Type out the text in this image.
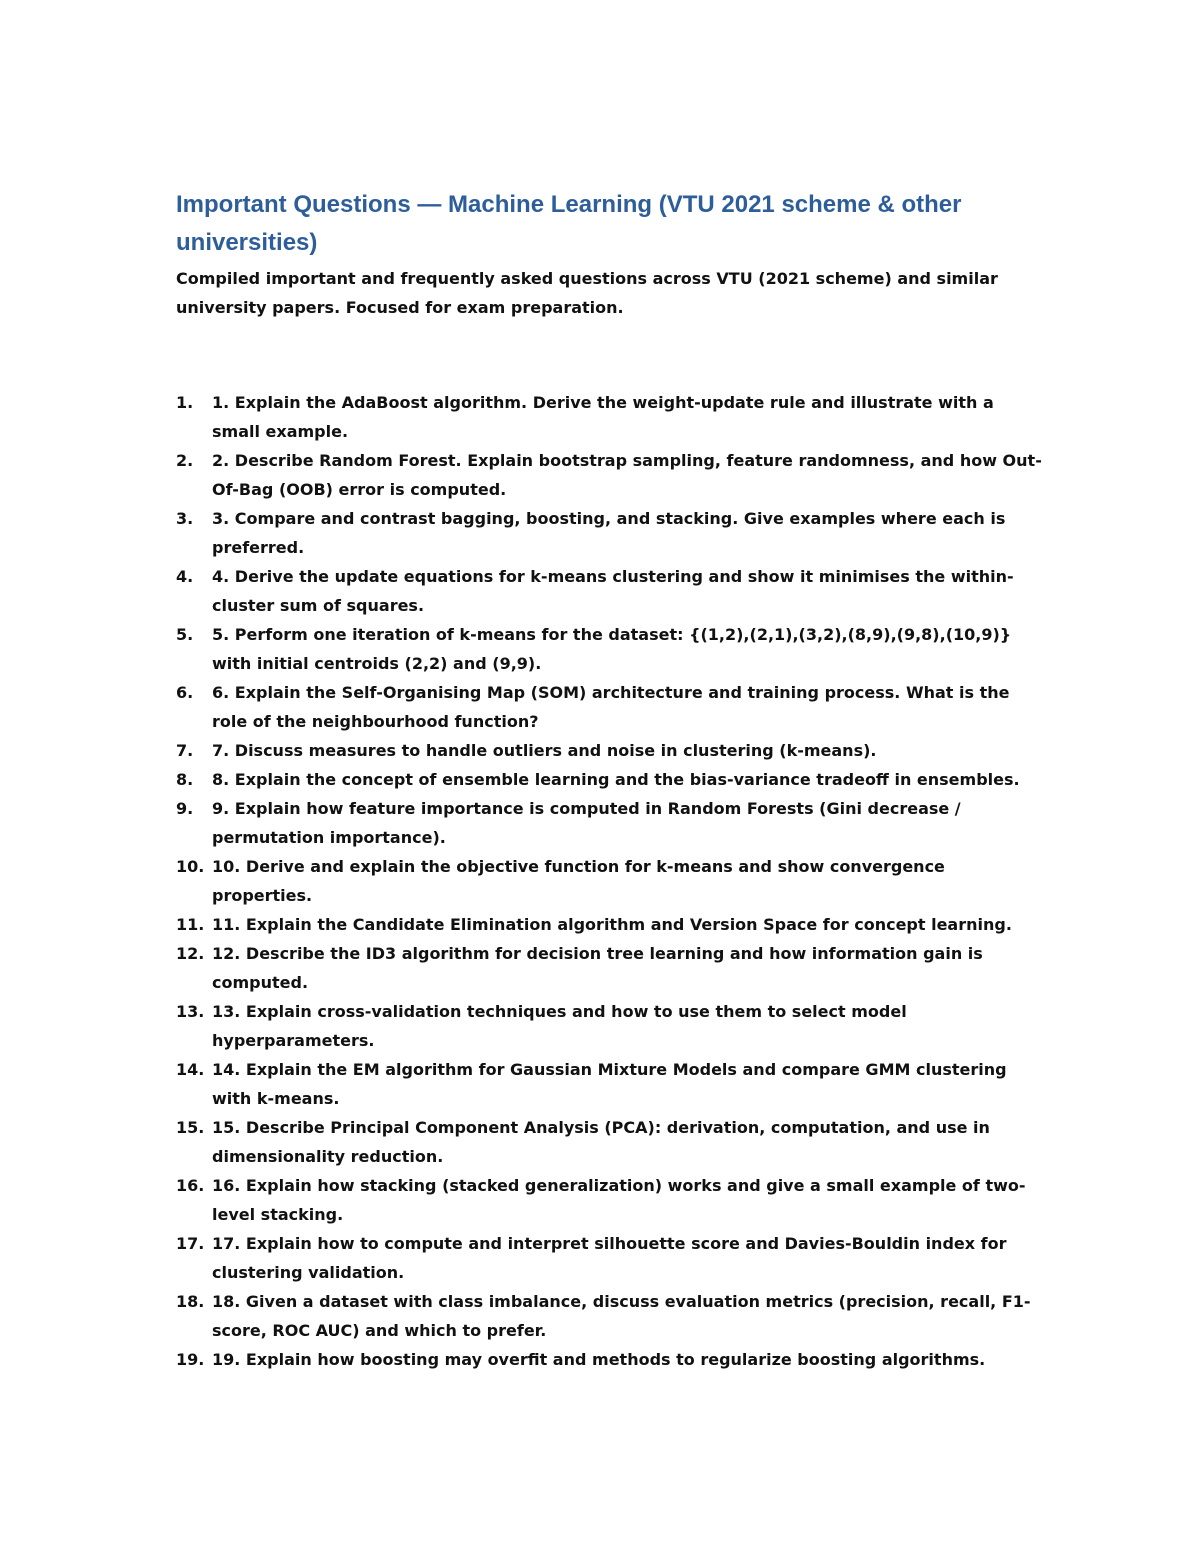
Important Questions — Machine Learning (VTU 2021 scheme & other universities)

Compiled important and frequently asked questions across VTU (2021 scheme) and similar university papers. Focused for exam preparation.

1.	1. Explain the AdaBoost algorithm. Derive the weight-update rule and illustrate with a small example.
2.	2. Describe Random Forest. Explain bootstrap sampling, feature randomness, and how Out-Of-Bag (OOB) error is computed.
3.	3. Compare and contrast bagging, boosting, and stacking. Give examples where each is preferred.
4.	4. Derive the update equations for k-means clustering and show it minimises the within-cluster sum of squares.
5.	5. Perform one iteration of k-means for the dataset: {(1,2),(2,1),(3,2),(8,9),(9,8),(10,9)} with initial centroids (2,2) and (9,9).
6.	6. Explain the Self-Organising Map (SOM) architecture and training process. What is the role of the neighbourhood function?
7.	7. Discuss measures to handle outliers and noise in clustering (k-means).
8.	8. Explain the concept of ensemble learning and the bias-variance tradeoff in ensembles.
9.	9. Explain how feature importance is computed in Random Forests (Gini decrease / permutation importance).
10. 10. Derive and explain the objective function for k-means and show convergence properties.
11. 11. Explain the Candidate Elimination algorithm and Version Space for concept learning.
12. 12. Describe the ID3 algorithm for decision tree learning and how information gain is computed.
13. 13. Explain cross-validation techniques and how to use them to select model hyperparameters.
14. 14. Explain the EM algorithm for Gaussian Mixture Models and compare GMM clustering with k-means.
15. 15. Describe Principal Component Analysis (PCA): derivation, computation, and use in dimensionality reduction.
16. 16. Explain how stacking (stacked generalization) works and give a small example of two-level stacking.
17. 17. Explain how to compute and interpret silhouette score and Davies-Bouldin index for clustering validation.
18. 18. Given a dataset with class imbalance, discuss evaluation metrics (precision, recall, F1-score, ROC AUC) and which to prefer.
19. 19. Explain how boosting may overfit and methods to regularize boosting algorithms.
